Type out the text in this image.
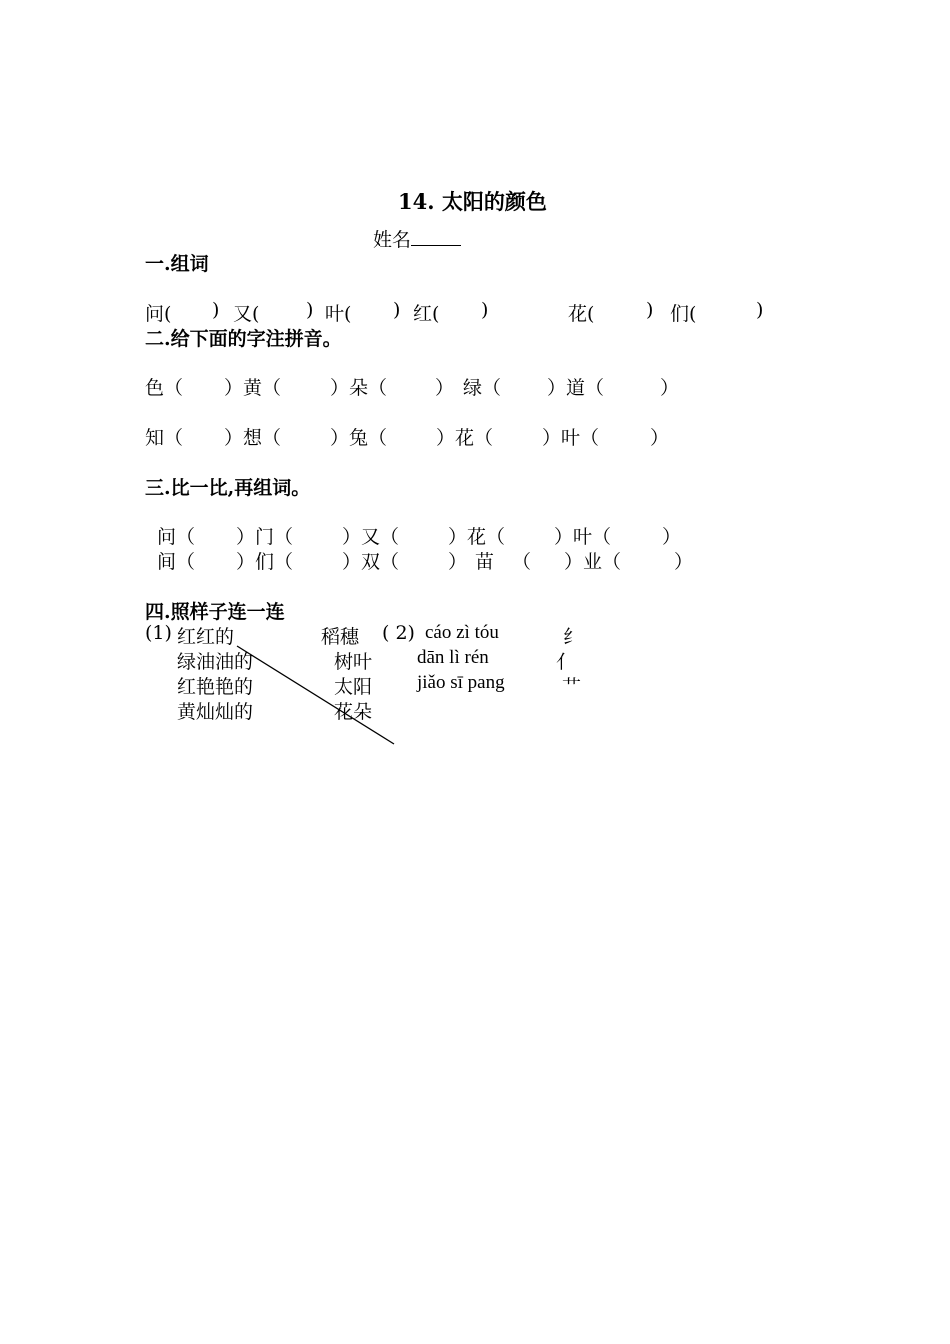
14. 太阳的颜色
姓名
一.组词
问( ) 又( ) 叶( ) 红( )	花(	) 们(	)
二.给下面的字注拼音。
色（ ）黄（	）朵（	） 绿（ ）道（	）
知（ ）想（	）兔（	）花（	）叶（	）
三.比一比,再组词。
问（ ）门（	）又（	）花（	）叶（	）
间（ ）们（	）双（	） 苗 （ ）业（	）
四.照样子连一连
(1) 红红的
绿油油的
红艳艳的
黄灿灿的
稻穗
树叶
太阳
花朵
( 2) cáo zì tóu
dān lì rén
jiǎo sī pang
纟
亻
艹
